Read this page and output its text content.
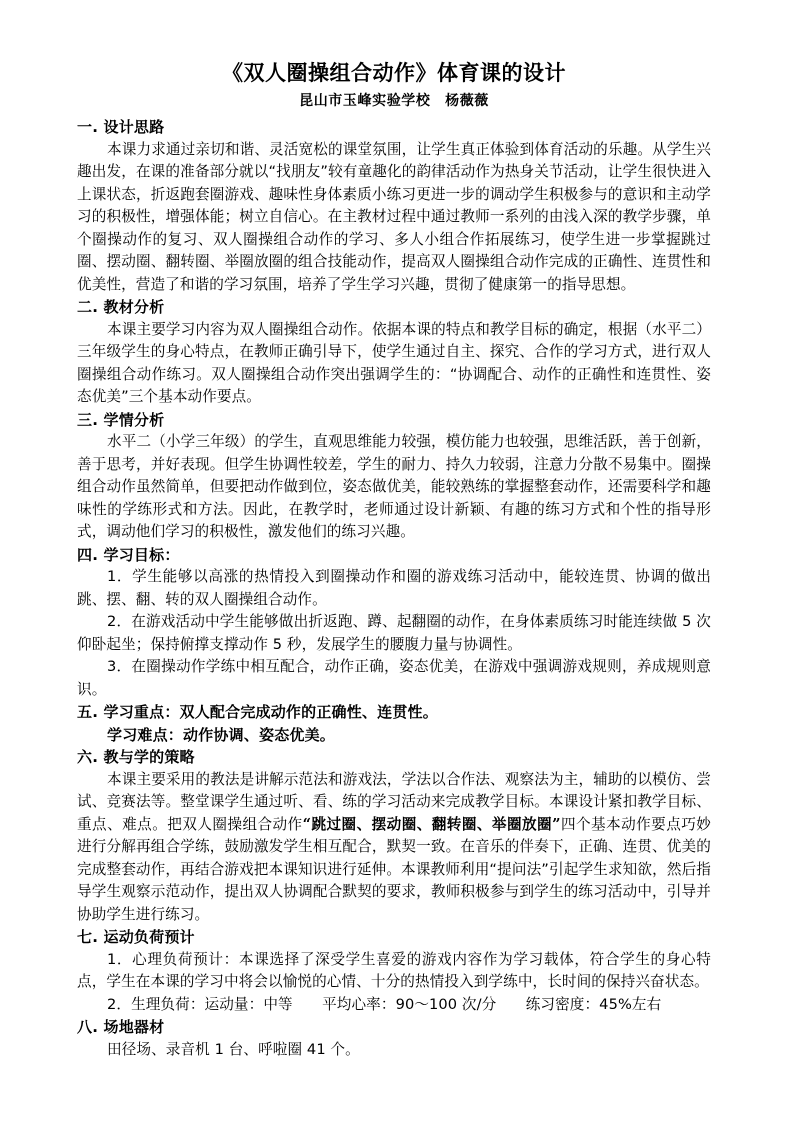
《双人圈操组合动作》体育课的设计
昆山市玉峰实验学校　杨薇薇
一. 设计思路

本课力求通过亲切和谐、灵活宽松的课堂氛围，让学生真正体验到体育活动的乐趣。从学生兴趣出发，在课的准备部分就以“找朋友”较有童趣化的韵律活动作为热身关节活动，让学生很快进入上课状态，折返跑套圈游戏、趣味性身体素质小练习更进一步的调动学生积极参与的意识和主动学习的积极性，增强体能；树立自信心。在主教材过程中通过教师一系列的由浅入深的教学步骤，单个圈操动作的复习、双人圈操组合动作的学习、多人小组合作拓展练习，使学生进一步掌握跳过圈、摆动圈、翻转圈、举圈放圈的组合技能动作，提高双人圈操组合动作完成的正确性、连贯性和优美性，营造了和谐的学习氛围，培养了学生学习兴趣，贯彻了健康第一的指导思想。

二. 教材分析

本课主要学习内容为双人圈操组合动作。依据本课的特点和教学目标的确定，根据（水平二）三年级学生的身心特点，在教师正确引导下，使学生通过自主、探究、合作的学习方式，进行双人圈操组合动作练习。双人圈操组合动作突出强调学生的：“协调配合、动作的正确性和连贯性、姿态优美”三个基本动作要点。

三. 学情分析

水平二（小学三年级）的学生，直观思维能力较强，模仿能力也较强，思维活跃，善于创新，善于思考，并好表现。但学生协调性较差，学生的耐力、持久力较弱，注意力分散不易集中。圈操组合动作虽然简单，但要把动作做到位，姿态做优美，能较熟练的掌握整套动作，还需要科学和趣味性的学练形式和方法。因此，在教学时，老师通过设计新颖、有趣的练习方式和个性的指导形式，调动他们学习的积极性，激发他们的练习兴趣。

四. 学习目标：

1．学生能够以高涨的热情投入到圈操动作和圈的游戏练习活动中，能较连贯、协调的做出跳、摆、翻、转的双人圈操组合动作。

2．在游戏活动中学生能够做出折返跑、蹲、起翻圈的动作，在身体素质练习时能连续做 5 次仰卧起坐；保持俯撑支撑动作 5 秒，发展学生的腰腹力量与协调性。

3．在圈操动作学练中相互配合，动作正确，姿态优美，在游戏中强调游戏规则，养成规则意识。

五. 学习重点：双人配合完成动作的正确性、连贯性。
学习难点：动作协调、姿态优美。
六. 教与学的策略

本课主要采用的教法是讲解示范法和游戏法，学法以合作法、观察法为主，辅助的以模仿、尝试、竞赛法等。整堂课学生通过听、看、练的学习活动来完成教学目标。本课设计紧扣教学目标、重点、难点。把双人圈操组合动作“跳过圈、摆动圈、翻转圈、举圈放圈”四个基本动作要点巧妙进行分解再组合学练，鼓励激发学生相互配合，默契一致。在音乐的伴奏下，正确、连贯、优美的完成整套动作，再结合游戏把本课知识进行延伸。本课教师利用“提问法”引起学生求知欲，然后指导学生观察示范动作，提出双人协调配合默契的要求，教师积极参与到学生的练习活动中，引导并协助学生进行练习。

七. 运动负荷预计

1．心理负荷预计：本课选择了深受学生喜爱的游戏内容作为学习载体，符合学生的身心特点，学生在本课的学习中将会以愉悦的心情、十分的热情投入到学练中，长时间的保持兴奋状态。

2．生理负荷：运动量：中等　　平均心率：90～100 次/分　　练习密度：45%左右

八. 场地器材

田径场、录音机 1 台、呼啦圈 41 个。
